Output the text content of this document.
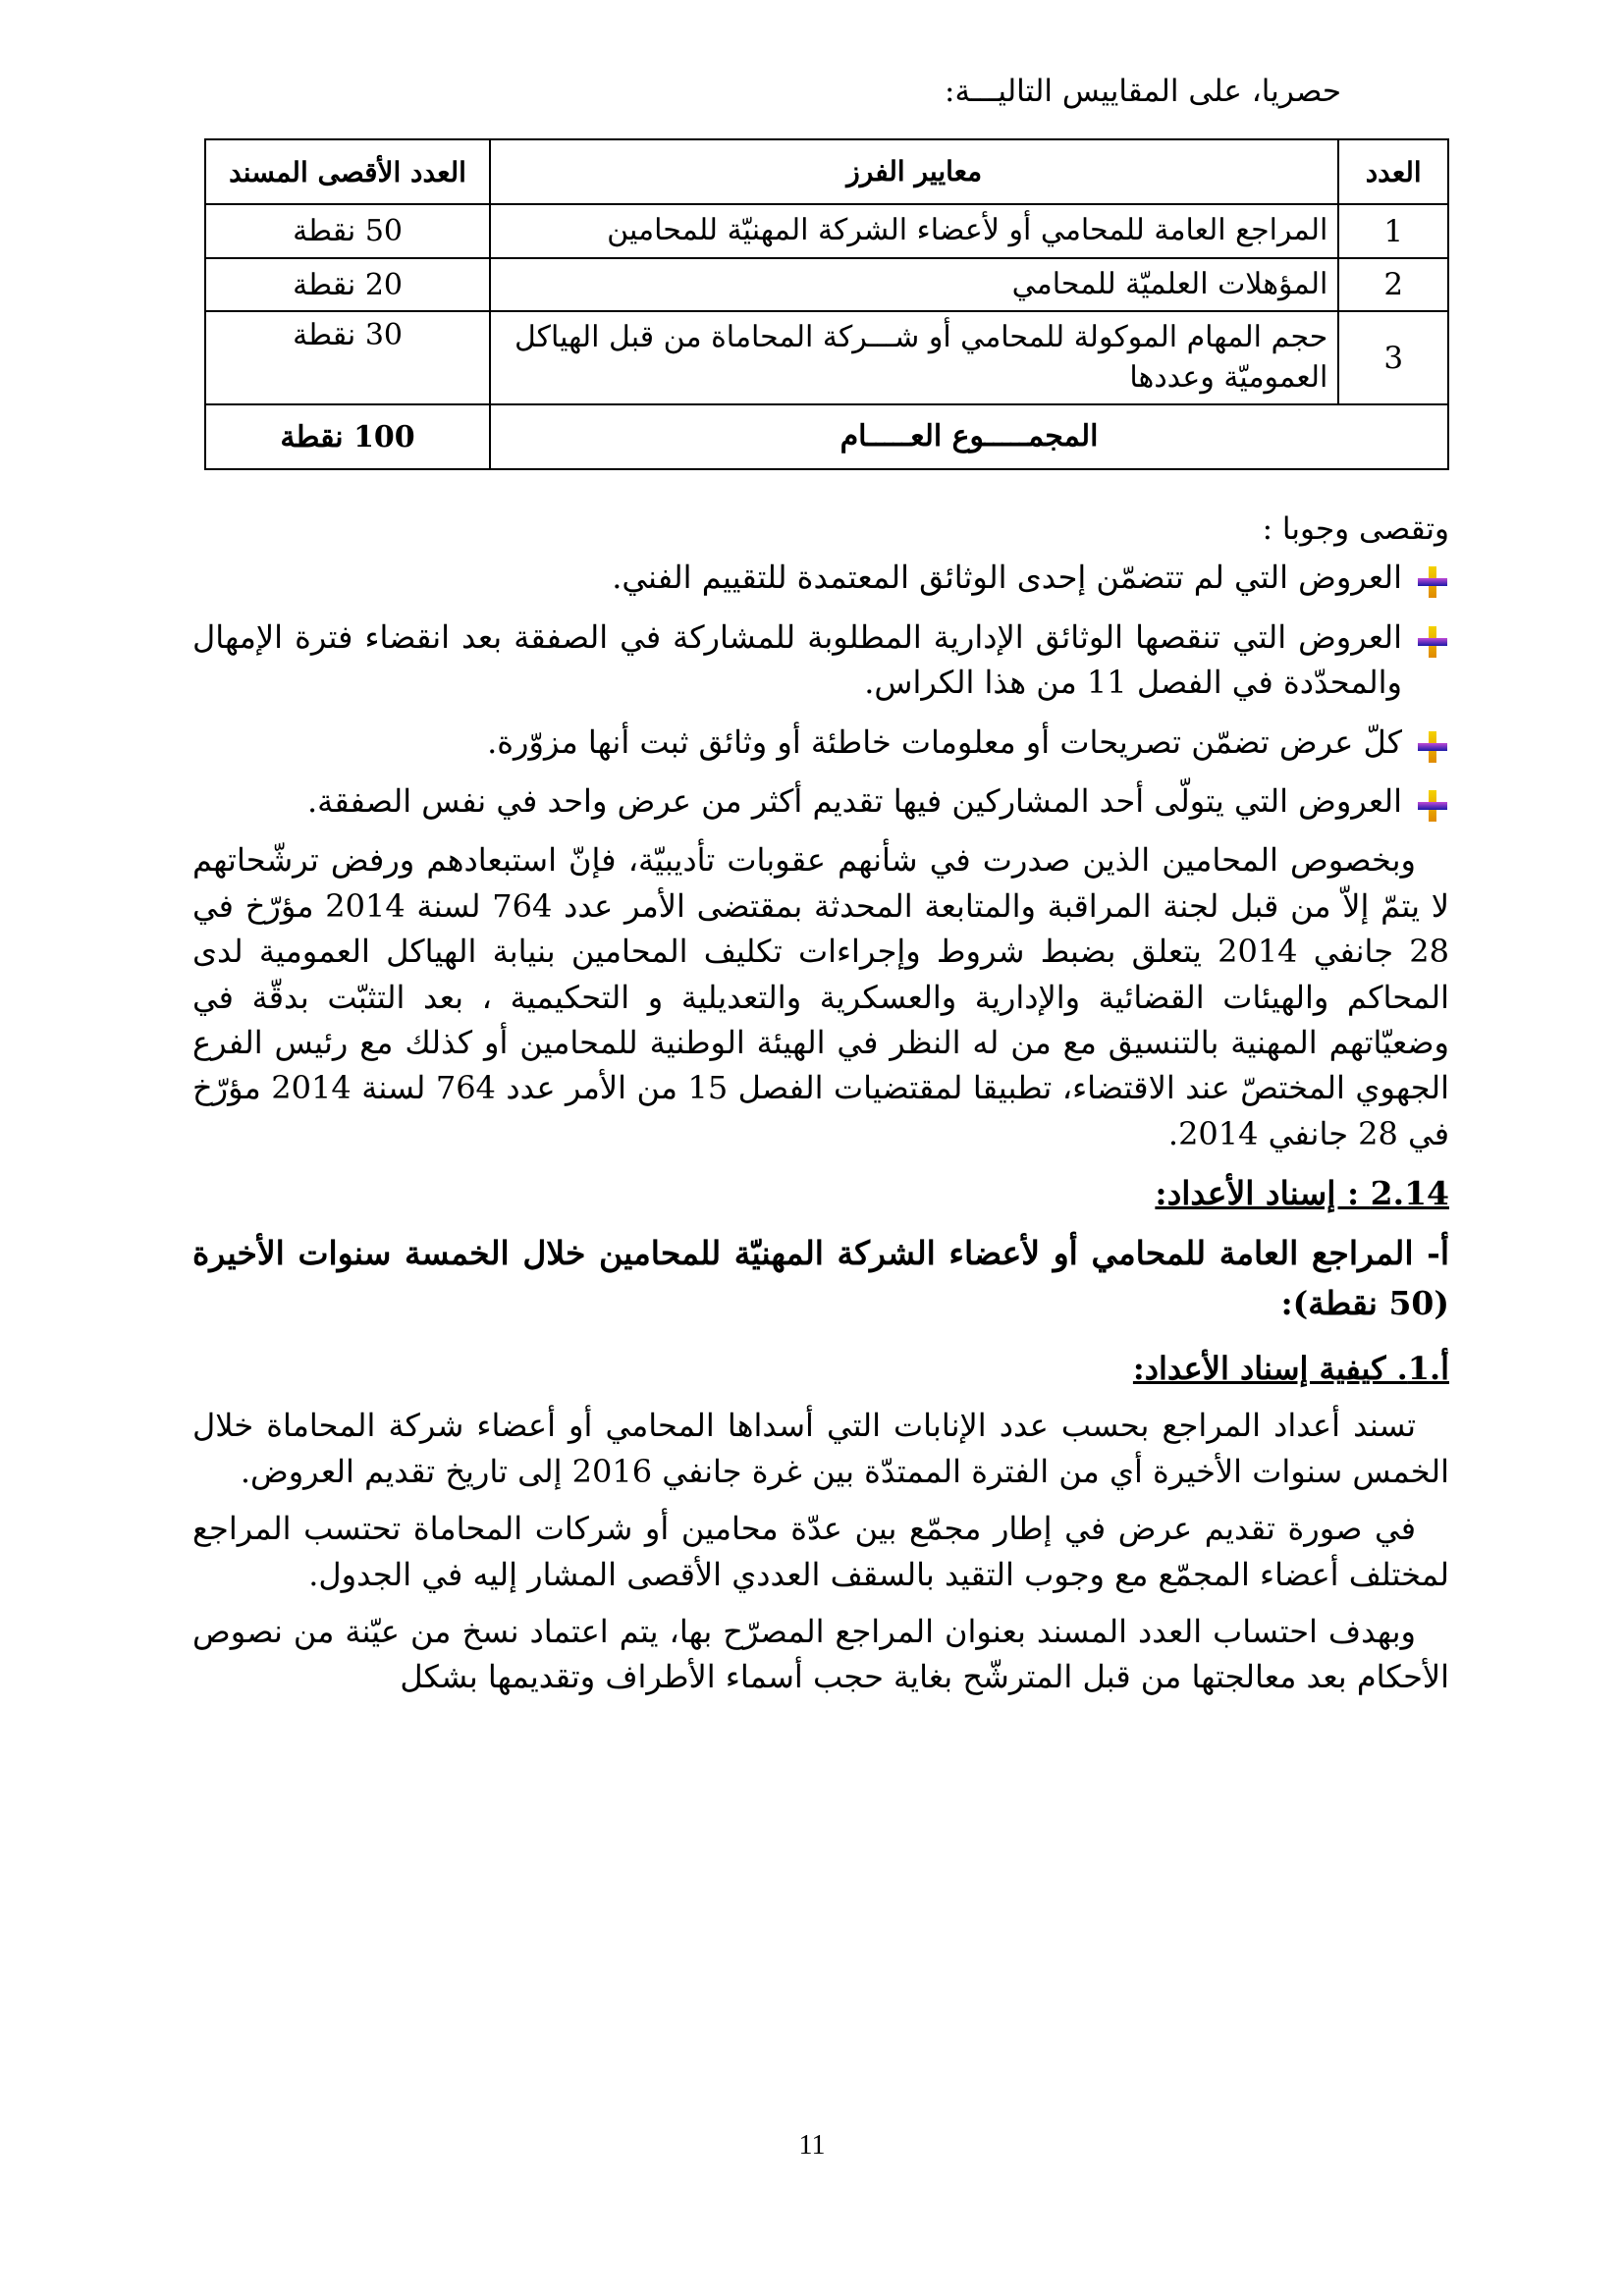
حصريا، على المقاييس التاليـــة:

العدد	معايير الفرز	العدد الأقصى المسند
1	المراجع العامة للمحامي أو لأعضاء الشركة المهنيّة للمحامين	50 نقطة
2	المؤهلات العلميّة للمحامي	20 نقطة
3	حجم المهام الموكولة للمحامي أو شـــركة المحاماة من قبل الهياكل العموميّة وعددها	30 نقطة
المجمـــــوع العـــــام		100 نقطة

وتقصى وجوبا :

العروض التي لم تتضمّن إحدى الوثائق المعتمدة للتقييم الفني.
العروض التي تنقصها الوثائق الإدارية المطلوبة للمشاركة في الصفقة بعد انقضاء فترة الإمهال والمحدّدة في الفصل 11 من هذا الكراس.
كلّ عرض تضمّن تصريحات أو معلومات خاطئة أو وثائق ثبت أنها مزوّرة.
العروض التي يتولّى أحد المشاركين فيها تقديم أكثر من عرض واحد في نفس الصفقة.

وبخصوص المحامين الذين صدرت في شأنهم عقوبات تأديبيّة، فإنّ استبعادهم ورفض ترشّحاتهم لا يتمّ إلاّ من قبل لجنة المراقبة والمتابعة المحدثة بمقتضى الأمر عدد 764 لسنة 2014 مؤرّخ في 28 جانفي 2014 يتعلق بضبط شروط وإجراءات تكليف المحامين بنيابة الهياكل العمومية لدى المحاكم والهيئات القضائية والإدارية والعسكرية والتعديلية و التحكيمية ، بعد التثبّت بدقّة في وضعيّاتهم المهنية بالتنسيق مع من له النظر في الهيئة الوطنية للمحامين أو كذلك مع رئيس الفرع الجهوي المختصّ عند الاقتضاء، تطبيقا لمقتضيات الفصل 15 من الأمر عدد 764 لسنة 2014 مؤرّخ في 28 جانفي 2014.

2.14 : إسناد الأعداد:
أ- المراجع العامة للمحامي أو لأعضاء الشركة المهنيّة للمحامين خلال الخمسة سنوات الأخيرة (50 نقطة):
أ.1. كيفية إسناد الأعداد:

تسند أعداد المراجع بحسب عدد الإنابات التي أسداها المحامي أو أعضاء شركة المحاماة خلال الخمس سنوات الأخيرة أي من الفترة الممتدّة بين غرة جانفي 2016 إلى تاريخ تقديم العروض.

في صورة تقديم عرض في إطار مجمّع بين عدّة محامين أو شركات المحاماة تحتسب المراجع لمختلف أعضاء المجمّع مع وجوب التقيد بالسقف العددي الأقصى المشار إليه في الجدول.

وبهدف احتساب العدد المسند بعنوان المراجع المصرّح بها، يتم اعتماد نسخ من عيّنة من نصوص الأحكام بعد معالجتها من قبل المترشّح بغاية حجب أسماء الأطراف وتقديمها بشكل

11
